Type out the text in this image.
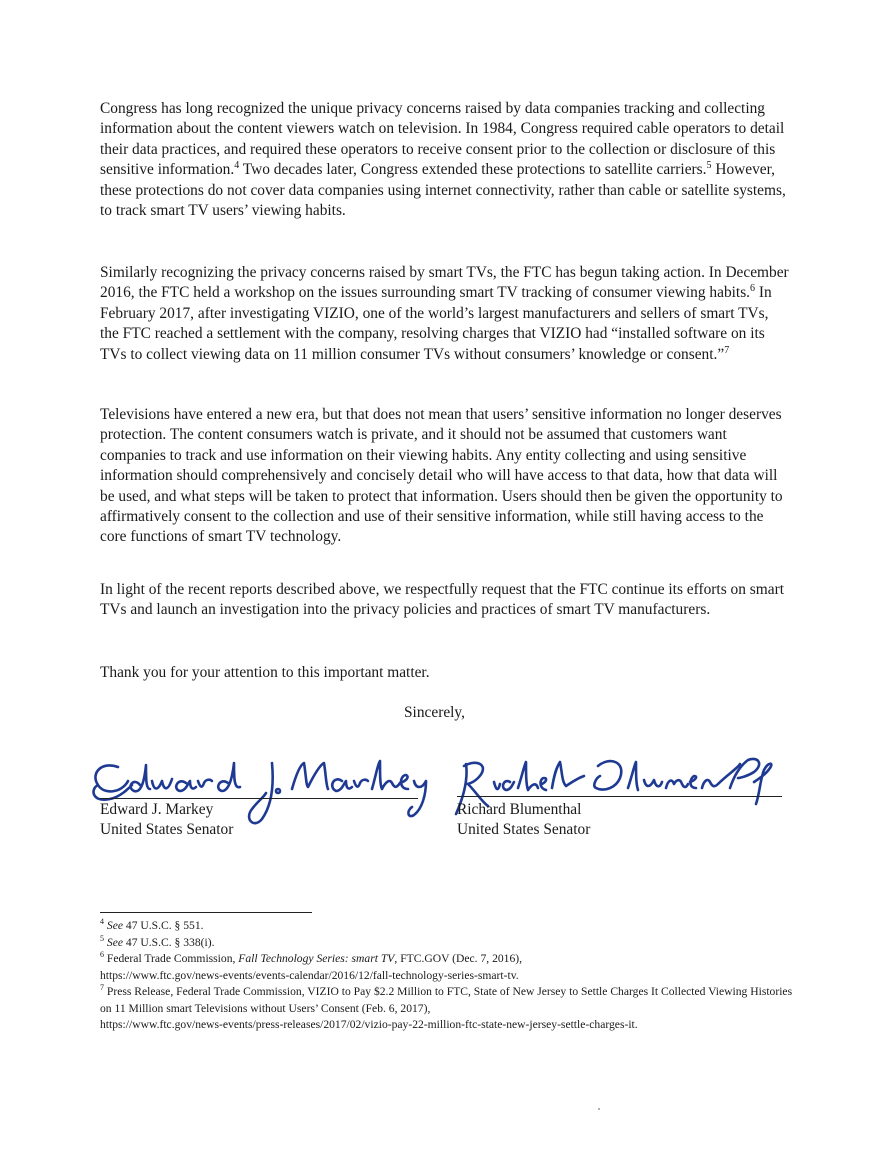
Congress has long recognized the unique privacy concerns raised by data companies tracking and collecting information about the content viewers watch on television. In 1984, Congress required cable operators to detail their data practices, and required these operators to receive consent prior to the collection or disclosure of this sensitive information.$^4$ Two decades later, Congress extended these protections to satellite carriers.$^5$ However, these protections do not cover data companies using internet connectivity, rather than cable or satellite systems, to track smart TV users’ viewing habits.

Similarly recognizing the privacy concerns raised by smart TVs, the FTC has begun taking action. In December 2016, the FTC held a workshop on the issues surrounding smart TV tracking of consumer viewing habits.$^6$ In February 2017, after investigating VIZIO, one of the world’s largest manufacturers and sellers of smart TVs, the FTC reached a settlement with the company, resolving charges that VIZIO had “installed software on its TVs to collect viewing data on 11 million consumer TVs without consumers’ knowledge or consent.”$^7$

Televisions have entered a new era, but that does not mean that users’ sensitive information no longer deserves protection. The content consumers watch is private, and it should not be assumed that customers want companies to track and use information on their viewing habits. Any entity collecting and using sensitive information should comprehensively and concisely detail who will have access to that data, how that data will be used, and what steps will be taken to protect that information. Users should then be given the opportunity to affirmatively consent to the collection and use of their sensitive information, while still having access to the core functions of smart TV technology.

In light of the recent reports described above, we respectfully request that the FTC continue its efforts on smart TVs and launch an investigation into the privacy policies and practices of smart TV manufacturers.

Thank you for your attention to this important matter.

Sincerely,
Edward J. Markey
United States Senator
Richard Blumenthal
United States Senator

$^4$ See 47 U.S.C. § 551.

$^5$ See 47 U.S.C. § 338(i).

$^6$ Federal Trade Commission, Fall Technology Series: smart TV, FTC.GOV (Dec. 7, 2016),
https://www.ftc.gov/news-events/events-calendar/2016/12/fall-technology-series-smart-tv.

$^7$ Press Release, Federal Trade Commission, VIZIO to Pay $2.2 Million to FTC, State of New Jersey to Settle Charges It Collected Viewing Histories on 11 Million smart Televisions without Users’ Consent (Feb. 6, 2017),
https://www.ftc.gov/news-events/press-releases/2017/02/vizio-pay-22-million-ftc-state-new-jersey-settle-charges-it.
